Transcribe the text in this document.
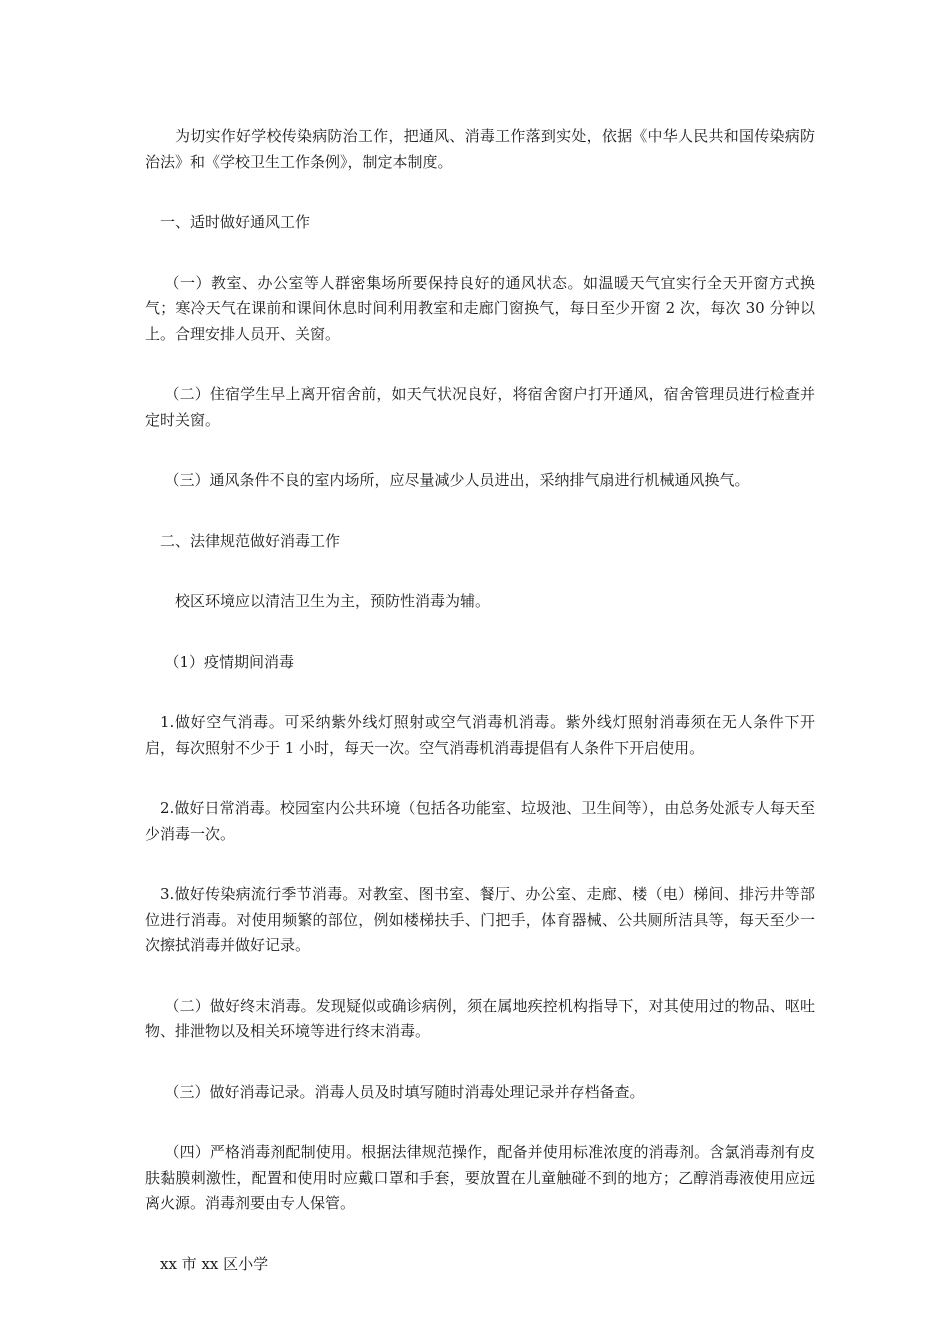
为切实作好学校传染病防治工作，把通风、消毒工作落到实处，依据《中华人民共和国传染病防治法》和《学校卫生工作条例》，制定本制度。

一、适时做好通风工作

（一）教室、办公室等人群密集场所要保持良好的通风状态。如温暖天气宜实行全天开窗方式换气；寒冷天气在课前和课间休息时间利用教室和走廊门窗换气，每日至少开窗 2 次，每次 30 分钟以上。合理安排人员开、关窗。

（二）住宿学生早上离开宿舍前，如天气状况良好，将宿舍窗户打开通风，宿舍管理员进行检查并定时关窗。

（三）通风条件不良的室内场所，应尽量减少人员进出，采纳排气扇进行机械通风换气。

二、法律规范做好消毒工作

校区环境应以清洁卫生为主，预防性消毒为辅。

（1）疫情期间消毒

1.做好空气消毒。可采纳紫外线灯照射或空气消毒机消毒。紫外线灯照射消毒须在无人条件下开启，每次照射不少于 1 小时，每天一次。空气消毒机消毒提倡有人条件下开启使用。

2.做好日常消毒。校园室内公共环境（包括各功能室、垃圾池、卫生间等），由总务处派专人每天至少消毒一次。

3.做好传染病流行季节消毒。对教室、图书室、餐厅、办公室、走廊、楼（电）梯间、排污井等部位进行消毒。对使用频繁的部位，例如楼梯扶手、门把手，体育器械、公共厕所洁具等，每天至少一次擦拭消毒并做好记录。

（二）做好终末消毒。发现疑似或确诊病例，须在属地疾控机构指导下，对其使用过的物品、呕吐物、排泄物以及相关环境等进行终末消毒。

（三）做好消毒记录。消毒人员及时填写随时消毒处理记录并存档备查。

（四）严格消毒剂配制使用。根据法律规范操作，配备并使用标准浓度的消毒剂。含氯消毒剂有皮肤黏膜刺激性，配置和使用时应戴口罩和手套，要放置在儿童触碰不到的地方；乙醇消毒液使用应远离火源。消毒剂要由专人保管。

xx 市 xx 区小学
